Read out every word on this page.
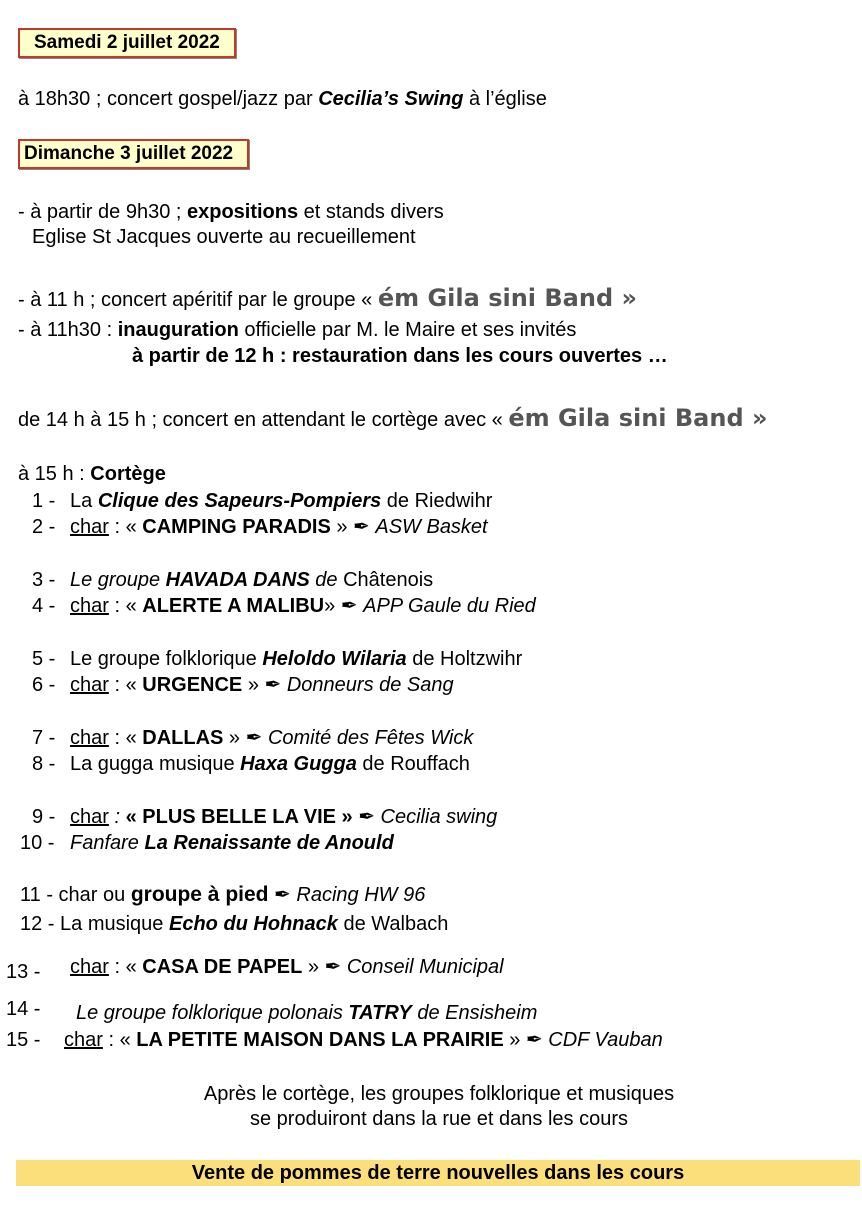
Samedi 2 juillet 2022
à 18h30 ; concert gospel/jazz par Cecilia’s Swing à l’église
Dimanche 3 juillet 2022
- à partir de 9h30 ; expositions et stands divers
Eglise St Jacques ouverte au recueillement
- à 11 h ; concert apéritif par le groupe « ém Gila sini Band »
- à 11h30 : inauguration officielle par M. le Maire et ses invités
à partir de 12 h : restauration dans les cours ouvertes …
de 14 h à 15 h ; concert en attendant le cortège avec « ém Gila sini Band »
à 15 h : Cortège
1 - La Clique des Sapeurs-Pompiers de Riedwihr
2 - char : « CAMPING PARADIS » ✒ ASW Basket
3 - Le groupe HAVADA DANS de Châtenois
4 - char : « ALERTE A MALIBU» ✒ APP Gaule du Ried
5 - Le groupe folklorique Heloldo Wilaria de Holtzwihr
6 - char : « URGENCE » ✒ Donneurs de Sang
7 - char : « DALLAS » ✒ Comité des Fêtes Wick
8 - La gugga musique Haxa Gugga de Rouffach
9 - char : « PLUS BELLE LA VIE » ✒ Cecilia swing
10 - Fanfare La Renaissante de Anould
11 - char ou groupe à pied ✒ Racing HW 96
12 - La musique Echo du Hohnack de Walbach
13 - char : « CASA DE PAPEL » ✒ Conseil Municipal
14 - Le groupe folklorique polonais TATRY de Ensisheim
15 - char : « LA PETITE MAISON DANS LA PRAIRIE » ✒ CDF Vauban
Après le cortège, les groupes folklorique et musiques
se produiront dans la rue et dans les cours
Vente de pommes de terre nouvelles dans les cours
